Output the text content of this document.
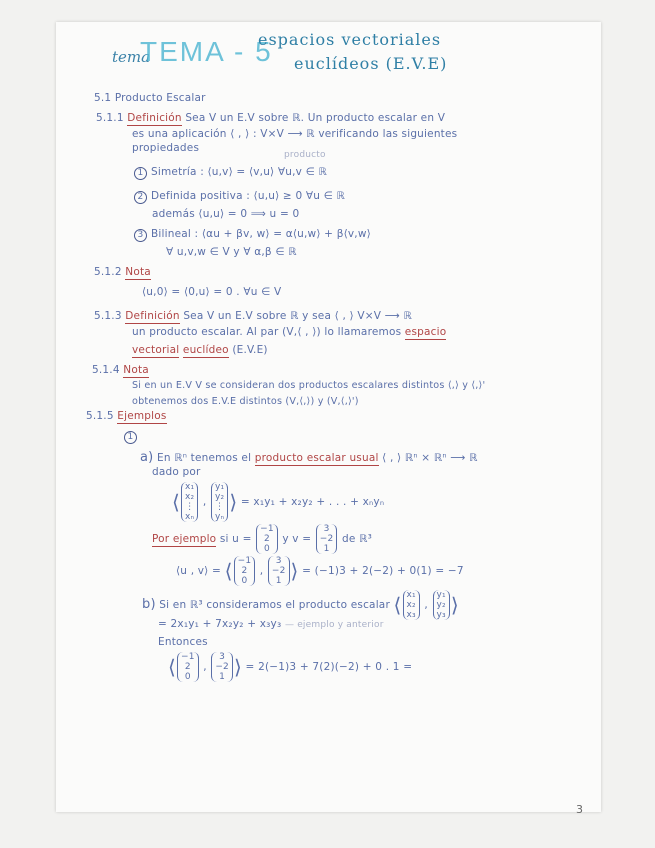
tema
TEMA - 5
espacios vectoriales
euclídeos (E.V.E)
5.1 Producto Escalar
5.1.1 Definición Sea V un E.V sobre ℝ. Un producto escalar en V
es una aplicación ⟨ , ⟩ : V×V ⟶ ℝ verificando las siguientes
propiedades
producto
1 Simetría : ⟨u,v⟩ = ⟨v,u⟩ ∀u,v ∈ ℝ
2 Definida positiva : ⟨u,u⟩ ≥ 0 ∀u ∈ ℝ
además ⟨u,u⟩ = 0 ⟹ u = 0
3 Bilineal : ⟨αu + βv, w⟩ = α⟨u,w⟩ + β⟨v,w⟩
∀ u,v,w ∈ V y ∀ α,β ∈ ℝ
5.1.2 Nota
⟨u,0⟩ = ⟨0,u⟩ = 0 . ∀u ∈ V
5.1.3 Definición Sea V un E.V sobre ℝ y sea ⟨ , ⟩ V×V ⟶ ℝ
un producto escalar. Al par (V,⟨ , ⟩) lo llamaremos espacio
vectorial euclídeo (E.V.E)
5.1.4 Nota
Si en un E.V V se consideran dos productos escalares distintos ⟨,⟩ y ⟨,⟩'
obtenemos dos E.V.E distintos (V,⟨,⟩) y (V,⟨,⟩')
5.1.5 Ejemplos
1
a) En ℝⁿ tenemos el producto escalar usual ⟨ , ⟩ ℝⁿ × ℝⁿ ⟶ ℝ
dado por
⟨x₁
x₂
⋮
xₙ , y₁
y₂
⋮
yₙ⟩ = x₁y₁ + x₂y₂ + . . . + xₙyₙ
Por ejemplo si u = −1
2
0 y v = 3
−2
1 de ℝ³
⟨u , v⟩ = ⟨ −1
2
0 , 3
−2
1 ⟩ = (−1)3 + 2(−2) + 0(1) = −7
b) Si en ℝ³ consideramos el producto escalar ⟨ x₁
x₂
x₃ , y₁
y₂
y₃ ⟩
= 2x₁y₁ + 7x₂y₂ + x₃y₃ — ejemplo y anterior
Entonces
⟨ −1
2
0 , 3
−2
1 ⟩ = 2(−1)3 + 7(2)(−2) + 0 . 1 =
3
